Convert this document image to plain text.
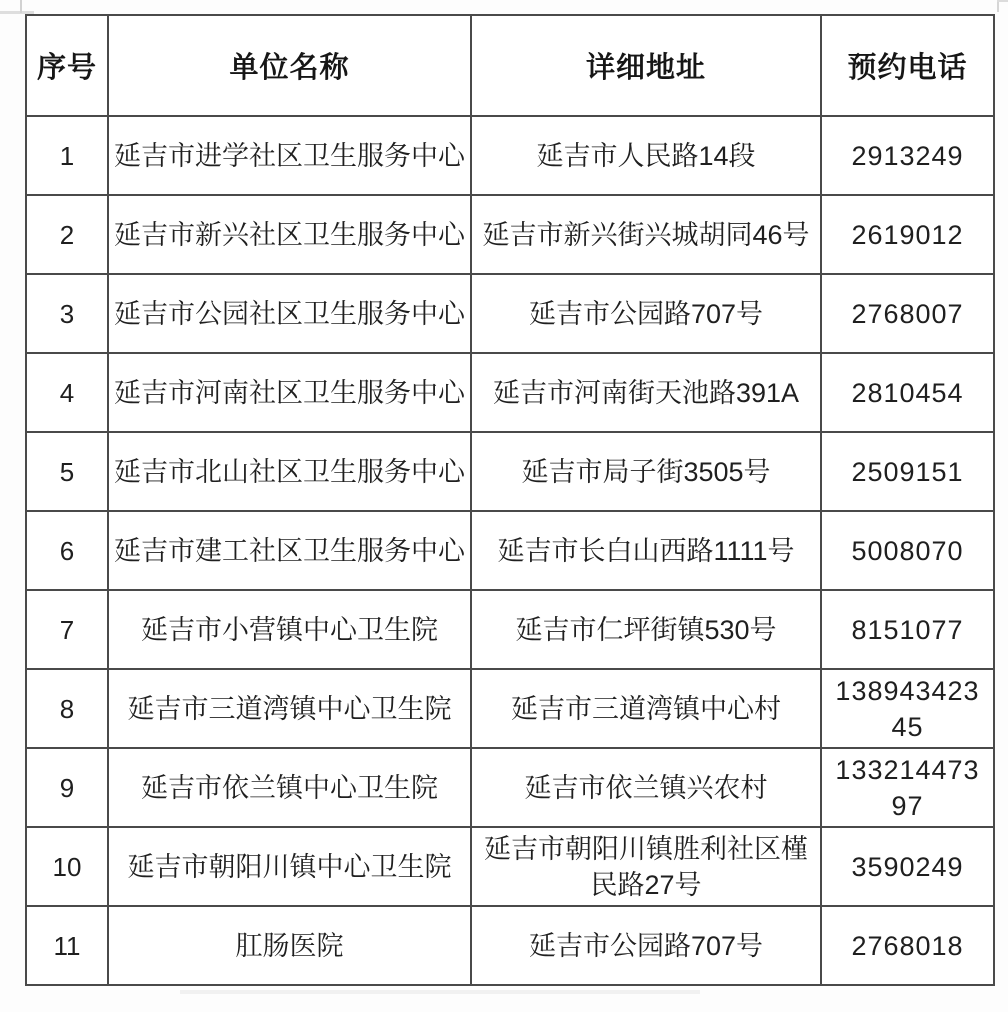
序号	单位名称	详细地址	预约电话
1	延吉市进学社区卫生服务中心	延吉市人民路14段	2913249
2	延吉市新兴社区卫生服务中心	延吉市新兴街兴城胡同46号	2619012
3	延吉市公园社区卫生服务中心	延吉市公园路707号	2768007
4	延吉市河南社区卫生服务中心	延吉市河南街天池路391A	2810454
5	延吉市北山社区卫生服务中心	延吉市局子街3505号	2509151
6	延吉市建工社区卫生服务中心	延吉市长白山西路1111号	5008070
7	延吉市小营镇中心卫生院	延吉市仁坪街镇530号	8151077
8	延吉市三道湾镇中心卫生院	延吉市三道湾镇中心村	13894342345
9	延吉市依兰镇中心卫生院	延吉市依兰镇兴农村	13321447397
10	延吉市朝阳川镇中心卫生院	延吉市朝阳川镇胜利社区槿民路27号	3590249
11	肛肠医院	延吉市公园路707号	2768018
